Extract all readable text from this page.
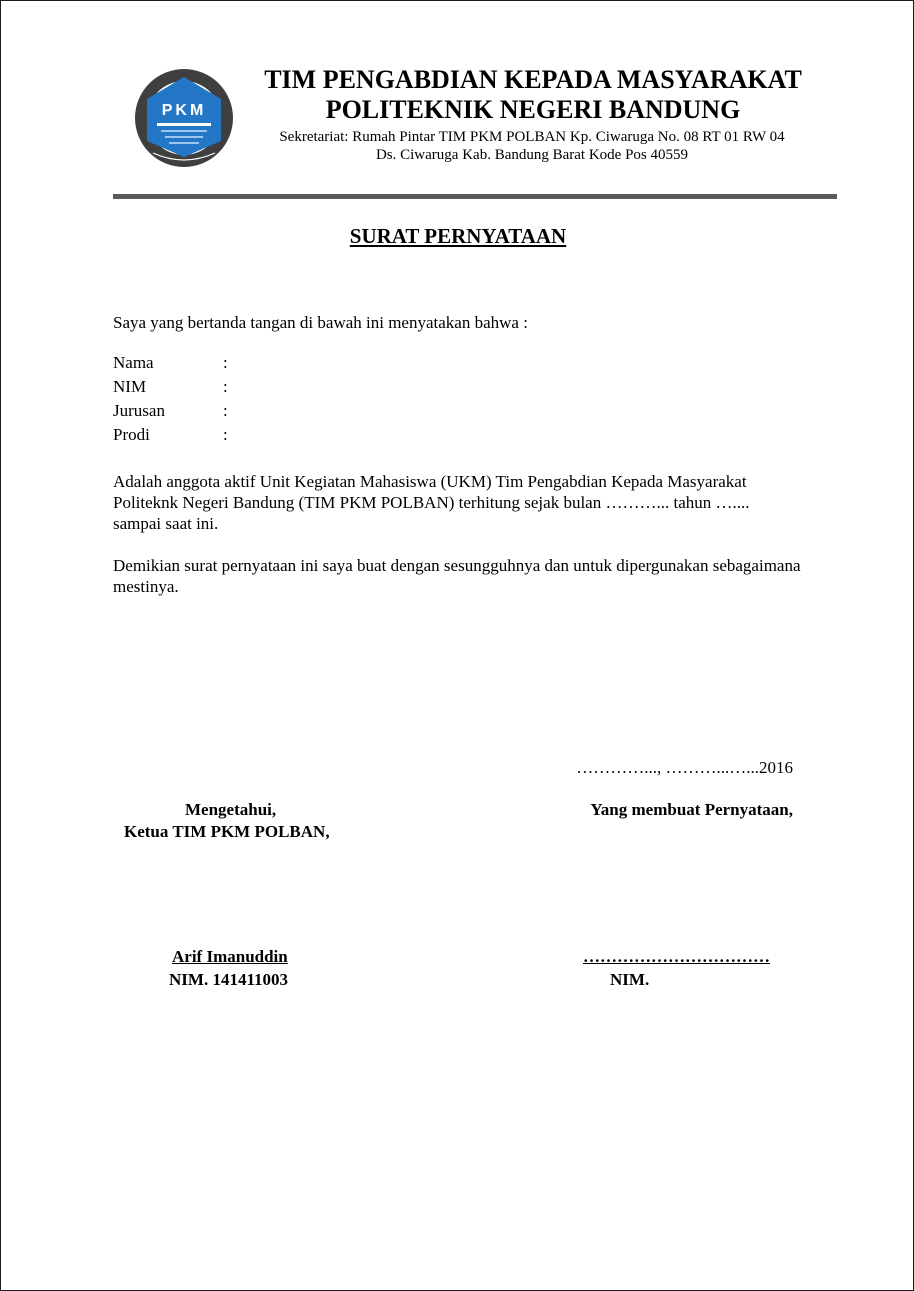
PKM
TIM PENGABDIAN KEPADA MASYARAKAT
POLITEKNIK NEGERI BANDUNG
Sekretariat: Rumah Pintar TIM PKM POLBAN Kp. Ciwaruga No. 08 RT 01 RW 04
Ds. Ciwaruga Kab. Bandung Barat Kode Pos 40559
SURAT PERNYATAAN
Saya yang bertanda tangan di bawah ini menyatakan bahwa :
Nama	:
NIM	:
Jurusan	:
Prodi	:
Adalah anggota aktif Unit Kegiatan Mahasiswa (UKM) Tim Pengabdian Kepada Masyarakat Politeknk Negeri Bandung (TIM PKM POLBAN) terhitung sejak bulan ………... tahun …....
sampai saat ini.
Demikian surat pernyataan ini saya buat dengan sesungguhnya dan untuk dipergunakan sebagaimana mestinya.
…………..., ………...…...2016
Mengetahui,
Ketua TIM PKM POLBAN,
Arif Imanuddin
NIM. 141411003
Yang membuat Pernyataan,
……………………………
NIM.
